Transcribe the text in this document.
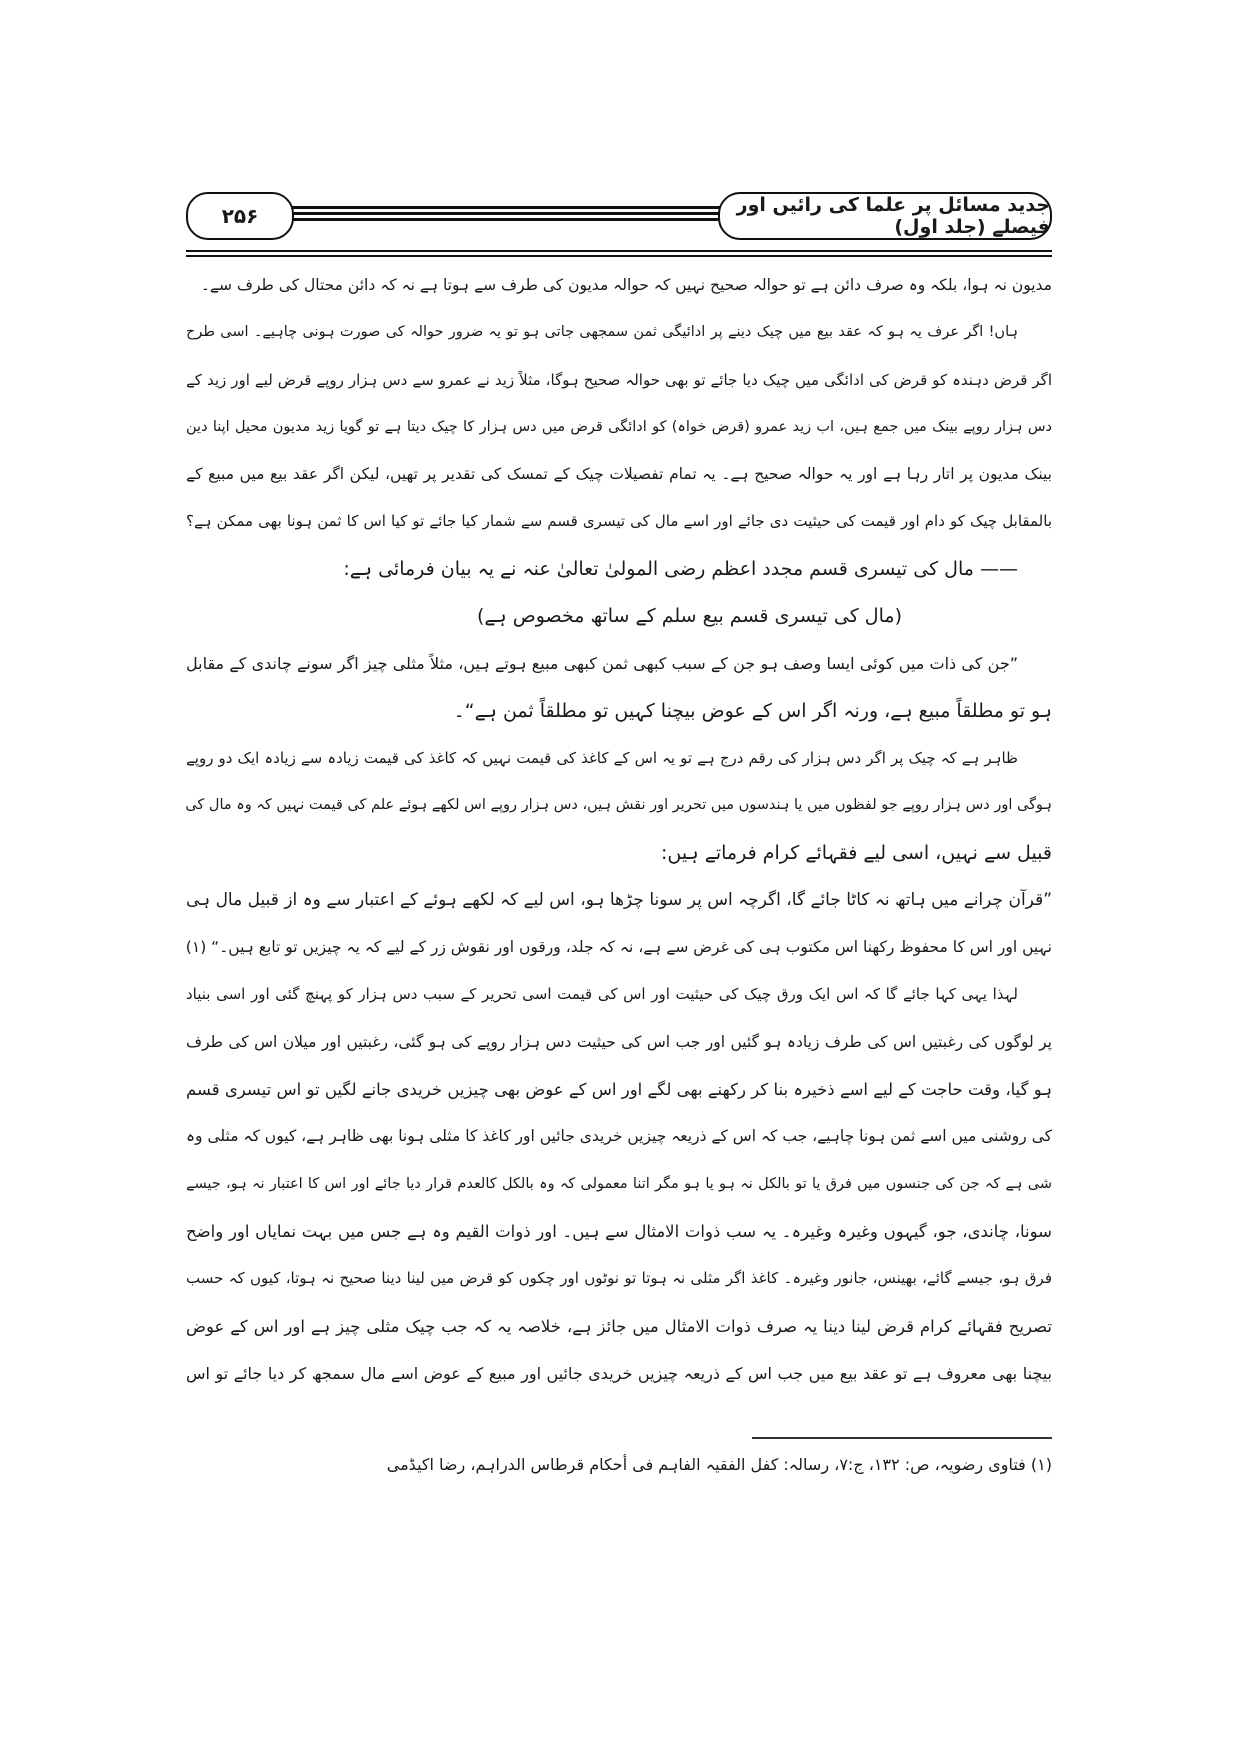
۲۵۶	جدید مسائل پر علما کی رائیں اور فیصلے (جلد اول)
مدیون نہ ہوا، بلکہ وہ صرف دائن ہے تو حوالہ صحیح نہیں کہ حوالہ مدیون کی طرف سے ہوتا ہے نہ کہ دائن محتال کی طرف سے۔
ہاں! اگر عرف یہ ہو کہ عقد بیع میں چیک دینے پر ادائیگی ثمن سمجھی جاتی ہو تو یہ ضرور حوالہ کی صورت ہونی چاہیے۔ اسی طرح
اگر قرض دہندہ کو قرض کی ادائگی میں چیک دیا جائے تو بھی حوالہ صحیح ہوگا، مثلاً زید نے عمرو سے دس ہزار روپے قرض لیے اور زید کے
دس ہزار روپے بینک میں جمع ہیں، اب زید عمرو (قرض خواہ) کو ادائگی قرض میں دس ہزار کا چیک دیتا ہے تو گویا زید مدیون محیل اپنا دین
بینک مدیون پر اتار رہا ہے اور یہ حوالہ صحیح ہے۔ یہ تمام تفصیلات چیک کے تمسک کی تقدیر پر تھیں، لیکن اگر عقد بیع میں مبیع کے
بالمقابل چیک کو دام اور قیمت کی حیثیت دی جائے اور اسے مال کی تیسری قسم سے شمار کیا جائے تو کیا اس کا ثمن ہونا بھی ممکن ہے؟
—— مال کی تیسری قسم مجدد اعظم رضی المولیٰ تعالیٰ عنہ نے یہ بیان فرمائی ہے:
(مال کی تیسری قسم بیع سلم کے ساتھ مخصوص ہے)
”جن کی ذات میں کوئی ایسا وصف ہو جن کے سبب کبھی ثمن کبھی مبیع ہوتے ہیں، مثلاً مثلی چیز اگر سونے چاندی کے مقابل
ہو تو مطلقاً مبیع ہے، ورنہ اگر اس کے عوض بیچنا کہیں تو مطلقاً ثمن ہے“۔
ظاہر ہے کہ چیک پر اگر دس ہزار کی رقم درج ہے تو یہ اس کے کاغذ کی قیمت نہیں کہ کاغذ کی قیمت زیادہ سے زیادہ ایک دو روپے
ہوگی اور دس ہزار روپے جو لفظوں میں یا ہندسوں میں تحریر اور نقش ہیں، دس ہزار روپے اس لکھے ہوئے علم کی قیمت نہیں کہ وہ مال کی
قبیل سے نہیں، اسی لیے فقہائے کرام فرماتے ہیں:
”قرآن چرانے میں ہاتھ نہ کاٹا جائے گا، اگرچہ اس پر سونا چڑھا ہو، اس لیے کہ لکھے ہوئے کے اعتبار سے وہ از قبیل مال ہی
نہیں اور اس کا محفوظ رکھنا اس مکتوب ہی کی غرض سے ہے، نہ کہ جلد، ورقوں اور نقوش زر کے لیے کہ یہ چیزیں تو تابع ہیں۔“ (۱)
لہذا یہی کہا جائے گا کہ اس ایک ورق چیک کی حیثیت اور اس کی قیمت اسی تحریر کے سبب دس ہزار کو پہنچ گئی اور اسی بنیاد
پر لوگوں کی رغبتیں اس کی طرف زیادہ ہو گئیں اور جب اس کی حیثیت دس ہزار روپے کی ہو گئی، رغبتیں اور میلان اس کی طرف
ہو گیا، وقت حاجت کے لیے اسے ذخیرہ بنا کر رکھنے بھی لگے اور اس کے عوض بھی چیزیں خریدی جانے لگیں تو اس تیسری قسم
کی روشنی میں اسے ثمن ہونا چاہیے، جب کہ اس کے ذریعہ چیزیں خریدی جائیں اور کاغذ کا مثلی ہونا بھی ظاہر ہے، کیوں کہ مثلی وہ
شی ہے کہ جن کی جنسوں میں فرق یا تو بالکل نہ ہو یا ہو مگر اتنا معمولی کہ وہ بالکل کالعدم قرار دیا جائے اور اس کا اعتبار نہ ہو، جیسے
سونا، چاندی، جو، گیہوں وغیرہ وغیرہ۔ یہ سب ذوات الامثال سے ہیں۔ اور ذوات القیم وہ ہے جس میں بہت نمایاں اور واضح
فرق ہو، جیسے گائے، بھینس، جانور وغیرہ۔ کاغذ اگر مثلی نہ ہوتا تو نوٹوں اور چکوں کو قرض میں لینا دینا صحیح نہ ہوتا، کیوں کہ حسب
تصریح فقہائے کرام قرض لینا دینا یہ صرف ذوات الامثال میں جائز ہے، خلاصہ یہ کہ جب چیک مثلی چیز ہے اور اس کے عوض
بیچنا بھی معروف ہے تو عقد بیع میں جب اس کے ذریعہ چیزیں خریدی جائیں اور مبیع کے عوض اسے مال سمجھ کر دیا جائے تو اس
(۱) فتاوی رضویہ، ص: ۱۳۲، ج:۷، رسالہ: کفل الفقیہ الفاہم فی أحکام قرطاس الدراہم، رضا اکیڈمی
